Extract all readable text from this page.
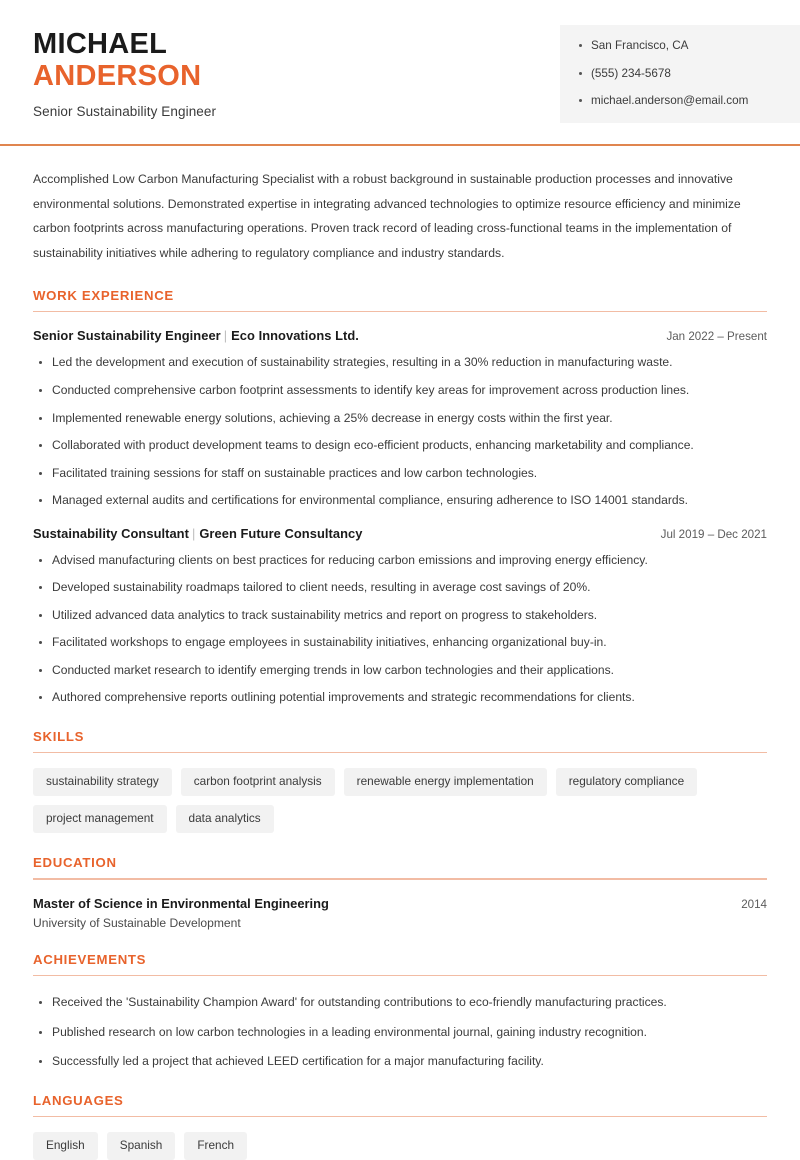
MICHAEL
ANDERSON
Senior Sustainability Engineer
San Francisco, CA
(555) 234-5678
michael.anderson@email.com
Accomplished Low Carbon Manufacturing Specialist with a robust background in sustainable production processes and innovative environmental solutions. Demonstrated expertise in integrating advanced technologies to optimize resource efficiency and minimize carbon footprints across manufacturing operations. Proven track record of leading cross-functional teams in the implementation of sustainability initiatives while adhering to regulatory compliance and industry standards.
WORK EXPERIENCE
Senior Sustainability Engineer | Eco Innovations Ltd.	Jan 2022 – Present
Led the development and execution of sustainability strategies, resulting in a 30% reduction in manufacturing waste.
Conducted comprehensive carbon footprint assessments to identify key areas for improvement across production lines.
Implemented renewable energy solutions, achieving a 25% decrease in energy costs within the first year.
Collaborated with product development teams to design eco-efficient products, enhancing marketability and compliance.
Facilitated training sessions for staff on sustainable practices and low carbon technologies.
Managed external audits and certifications for environmental compliance, ensuring adherence to ISO 14001 standards.
Sustainability Consultant | Green Future Consultancy	Jul 2019 – Dec 2021
Advised manufacturing clients on best practices for reducing carbon emissions and improving energy efficiency.
Developed sustainability roadmaps tailored to client needs, resulting in average cost savings of 20%.
Utilized advanced data analytics to track sustainability metrics and report on progress to stakeholders.
Facilitated workshops to engage employees in sustainability initiatives, enhancing organizational buy-in.
Conducted market research to identify emerging trends in low carbon technologies and their applications.
Authored comprehensive reports outlining potential improvements and strategic recommendations for clients.
SKILLS
sustainability strategy	carbon footprint analysis	renewable energy implementation	regulatory compliance
project management	data analytics
EDUCATION
Master of Science in Environmental Engineering	2014
University of Sustainable Development
ACHIEVEMENTS
Received the 'Sustainability Champion Award' for outstanding contributions to eco-friendly manufacturing practices.
Published research on low carbon technologies in a leading environmental journal, gaining industry recognition.
Successfully led a project that achieved LEED certification for a major manufacturing facility.
LANGUAGES
English	Spanish	French
